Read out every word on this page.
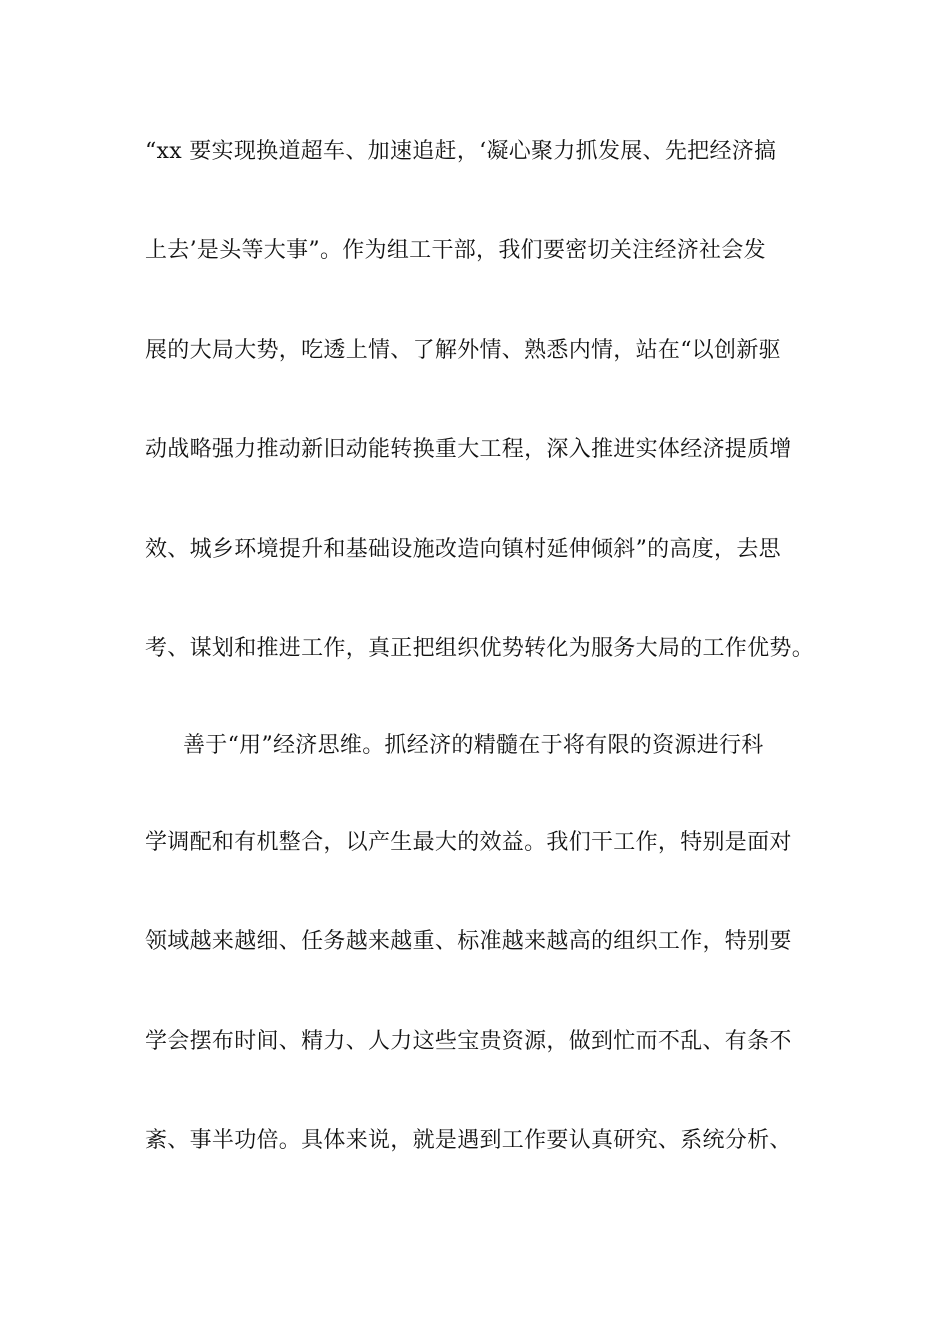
“xx 要实现换道超车、加速追赶，‘凝心聚力抓发展、先把经济搞
上去’是头等大事”。作为组工干部，我们要密切关注经济社会发
展的大局大势，吃透上情、了解外情、熟悉内情，站在“以创新驱
动战略强力推动新旧动能转换重大工程，深入推进实体经济提质增
效、城乡环境提升和基础设施改造向镇村延伸倾斜”的高度，去思
考、谋划和推进工作，真正把组织优势转化为服务大局的工作优势。
善于“用”经济思维。抓经济的精髓在于将有限的资源进行科
学调配和有机整合，以产生最大的效益。我们干工作，特别是面对
领域越来越细、任务越来越重、标准越来越高的组织工作，特别要
学会摆布时间、精力、人力这些宝贵资源，做到忙而不乱、有条不
紊、事半功倍。具体来说，就是遇到工作要认真研究、系统分析、
